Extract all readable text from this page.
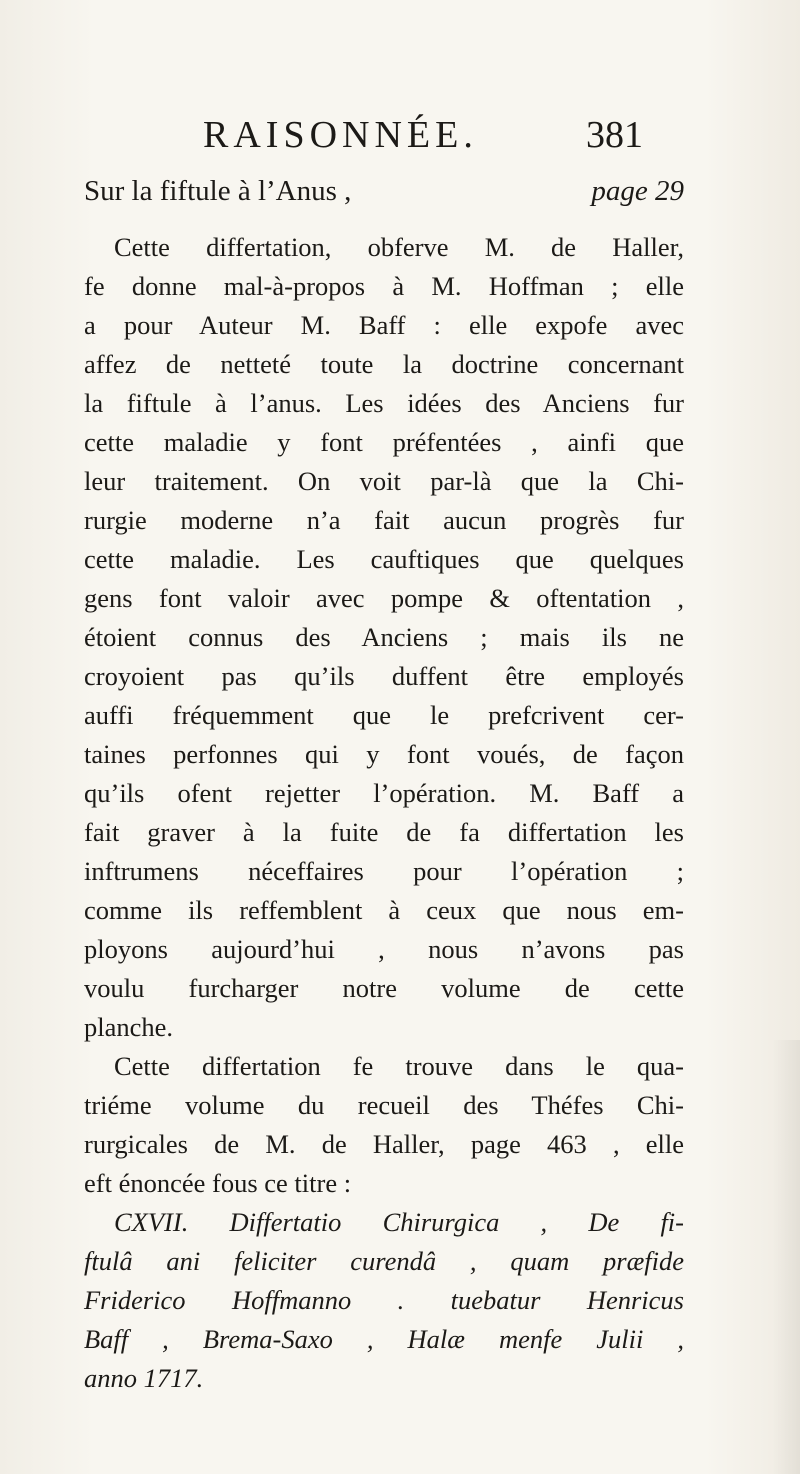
RAISONNÉE.	381
Sur la fiftule à l’Anus ,	page 29
Cette differtation, obferve M. de Haller,
fe donne mal-à-propos à M. Hoffman ; elle
a pour Auteur M. Baff : elle expofe avec
affez de netteté toute la doctrine concernant
la fiftule à l’anus. Les idées des Anciens fur
cette maladie y font préfentées , ainfi que
leur traitement. On voit par-là que la Chi-
rurgie moderne n’a fait aucun progrès fur
cette maladie. Les cauftiques que quelques
gens font valoir avec pompe & oftentation ,
étoient connus des Anciens ; mais ils ne
croyoient pas qu’ils duffent être employés
auffi fréquemment que le prefcrivent cer-
taines perfonnes qui y font voués, de façon
qu’ils ofent rejetter l’opération. M. Baff a
fait graver à la fuite de fa differtation les
inftrumens néceffaires pour l’opération ;
comme ils reffemblent à ceux que nous em-
ployons aujourd’hui , nous n’avons pas
voulu furcharger notre volume de cette
planche.
Cette differtation fe trouve dans le qua-
triéme volume du recueil des Théfes Chi-
rurgicales de M. de Haller, page 463 , elle
eft énoncée fous ce titre :
CXVII. Differtatio Chirurgica , De fi-
ftulâ ani feliciter curendâ , quam præfide
Friderico Hoffmanno . tuebatur Henricus
Baff , Brema-Saxo , Halæ menfe Julii ,
anno 1717.
